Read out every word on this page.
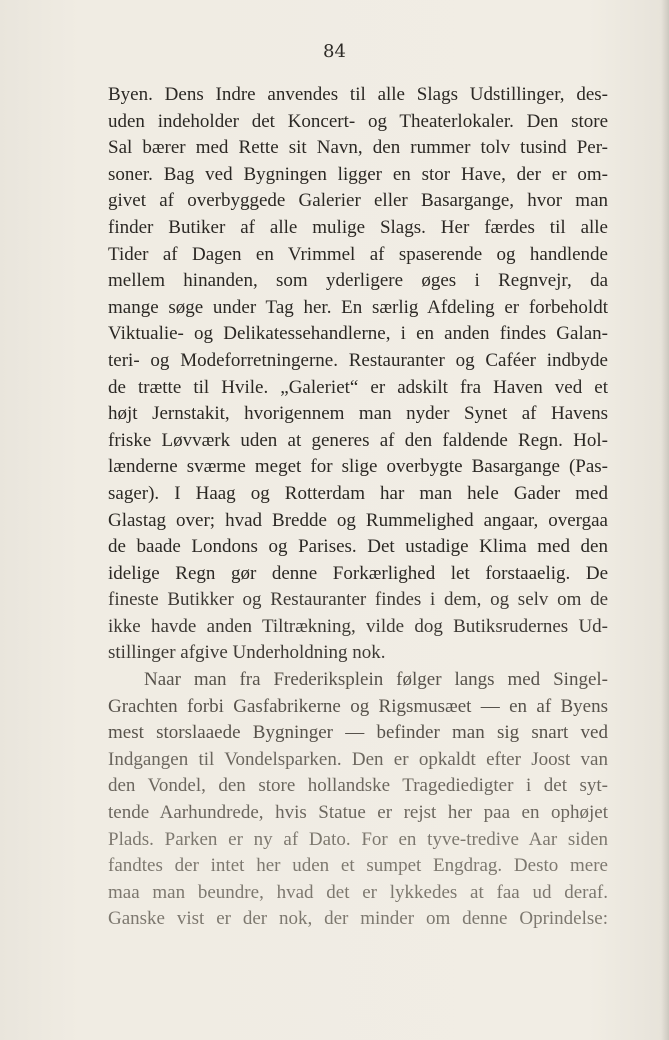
84
Byen. Dens Indre anvendes til alle Slags Udstillinger, des-
uden indeholder det Koncert- og Theaterlokaler. Den store
Sal bærer med Rette sit Navn, den rummer tolv tusind Per-
soner. Bag ved Bygningen ligger en stor Have, der er om-
givet af overbyggede Galerier eller Basargange, hvor man
finder Butiker af alle mulige Slags. Her færdes til alle
Tider af Dagen en Vrimmel af spaserende og handlende
mellem hinanden, som yderligere øges i Regnvejr, da
mange søge under Tag her. En særlig Afdeling er forbeholdt
Viktualie- og Delikatessehandlerne, i en anden findes Galan-
teri- og Modeforretningerne. Restauranter og Caféer indbyde
de trætte til Hvile. „Galeriet“ er adskilt fra Haven ved et
højt Jernstakit, hvorigennem man nyder Synet af Havens
friske Løvværk uden at generes af den faldende Regn. Hol-
lænderne sværme meget for slige overbygte Basargange (Pas-
sager). I Haag og Rotterdam har man hele Gader med
Glastag over; hvad Bredde og Rummelighed angaar, overgaa
de baade Londons og Parises. Det ustadige Klima med den
idelige Regn gør denne Forkærlighed let forstaaelig. De
fineste Butikker og Restauranter findes i dem, og selv om de
ikke havde anden Tiltrækning, vilde dog Butiksrudernes Ud-
stillinger afgive Underholdning nok.
Naar man fra Frederiksplein følger langs med Singel-
Grachten forbi Gasfabrikerne og Rigsmusæet — en af Byens
mest storslaaede Bygninger — befinder man sig snart ved
Indgangen til Vondelsparken. Den er opkaldt efter Joost van
den Vondel, den store hollandske Tragediedigter i det syt-
tende Aarhundrede, hvis Statue er rejst her paa en ophøjet
Plads. Parken er ny af Dato. For en tyve-tredive Aar siden
fandtes der intet her uden et sumpet Engdrag. Desto mere
maa man beundre, hvad det er lykkedes at faa ud deraf.
Ganske vist er der nok, der minder om denne Oprindelse:
